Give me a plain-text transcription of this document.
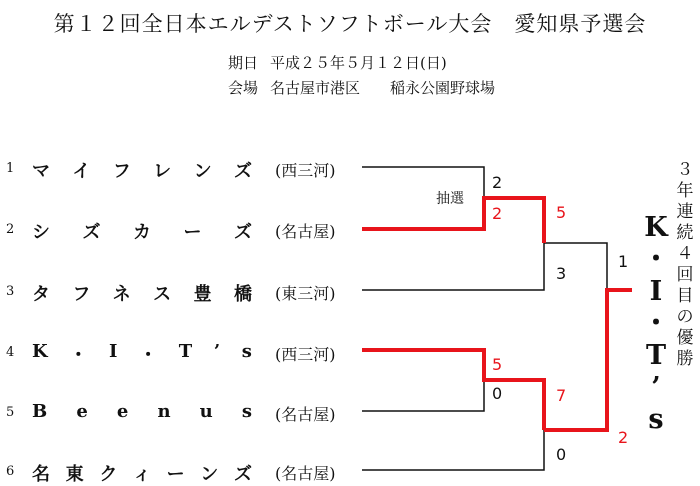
第１２回全日本エルデストソフトボール大会　愛知県予選会
期日 平成２５年５月１２日(日)
会場 名古屋市港区 稲永公園野球場
1 マ イ フ レ ン ズ (西三河)
2 シ ズ カ ー ズ (名古屋)
3 タ フ ネ ス 豊 橋 (東三河)
4 K ・ I ・ T ’ s (西三河)
5 B e e n u s (名古屋)
6 名 東 ク ィ ー ン ズ (名古屋)
2
抽選
2	5
3
5
0	7
0
1
2
K
・
I
・
T
’
s
３
年
連
続
４
回
目
の
優
勝
